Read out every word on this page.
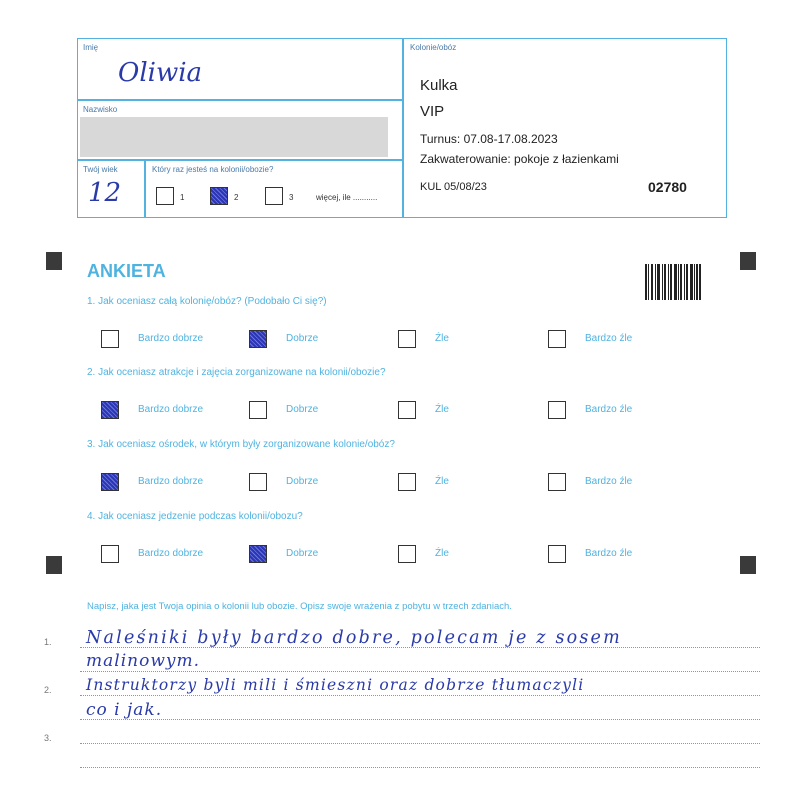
Imię
Oliwia
Nazwisko
Twój wiek
12
Który raz jesteś na kolonii/obozie?
1	2	3	więcej, ile ...........
Kolonie/obóz
Kulka
VIP
Turnus: 07.08-17.08.2023
Zakwaterowanie: pokoje z łazienkami
KUL 05/08/23	02780
ANKIETA
1. Jak oceniasz całą kolonię/obóz? (Podobało Ci się?)
Bardzo dobrze	Dobrze	Źle	Bardzo źle
2. Jak oceniasz atrakcje i zajęcia zorganizowane na kolonii/obozie?
Bardzo dobrze	Dobrze	Źle	Bardzo źle
3. Jak oceniasz ośrodek, w którym były zorganizowane kolonie/obóz?
Bardzo dobrze	Dobrze	Źle	Bardzo źle
4. Jak oceniasz jedzenie podczas kolonii/obozu?
Bardzo dobrze	Dobrze	Źle	Bardzo źle
Napisz, jaka jest Twoja opinia o kolonii lub obozie. Opisz swoje wrażenia z pobytu w trzech zdaniach.
1.
2.
3.
Naleśniki były bardzo dobre, polecam je z sosem
malinowym.
Instruktorzy byli mili i śmieszni oraz dobrze tłumaczyli
co i jak.
